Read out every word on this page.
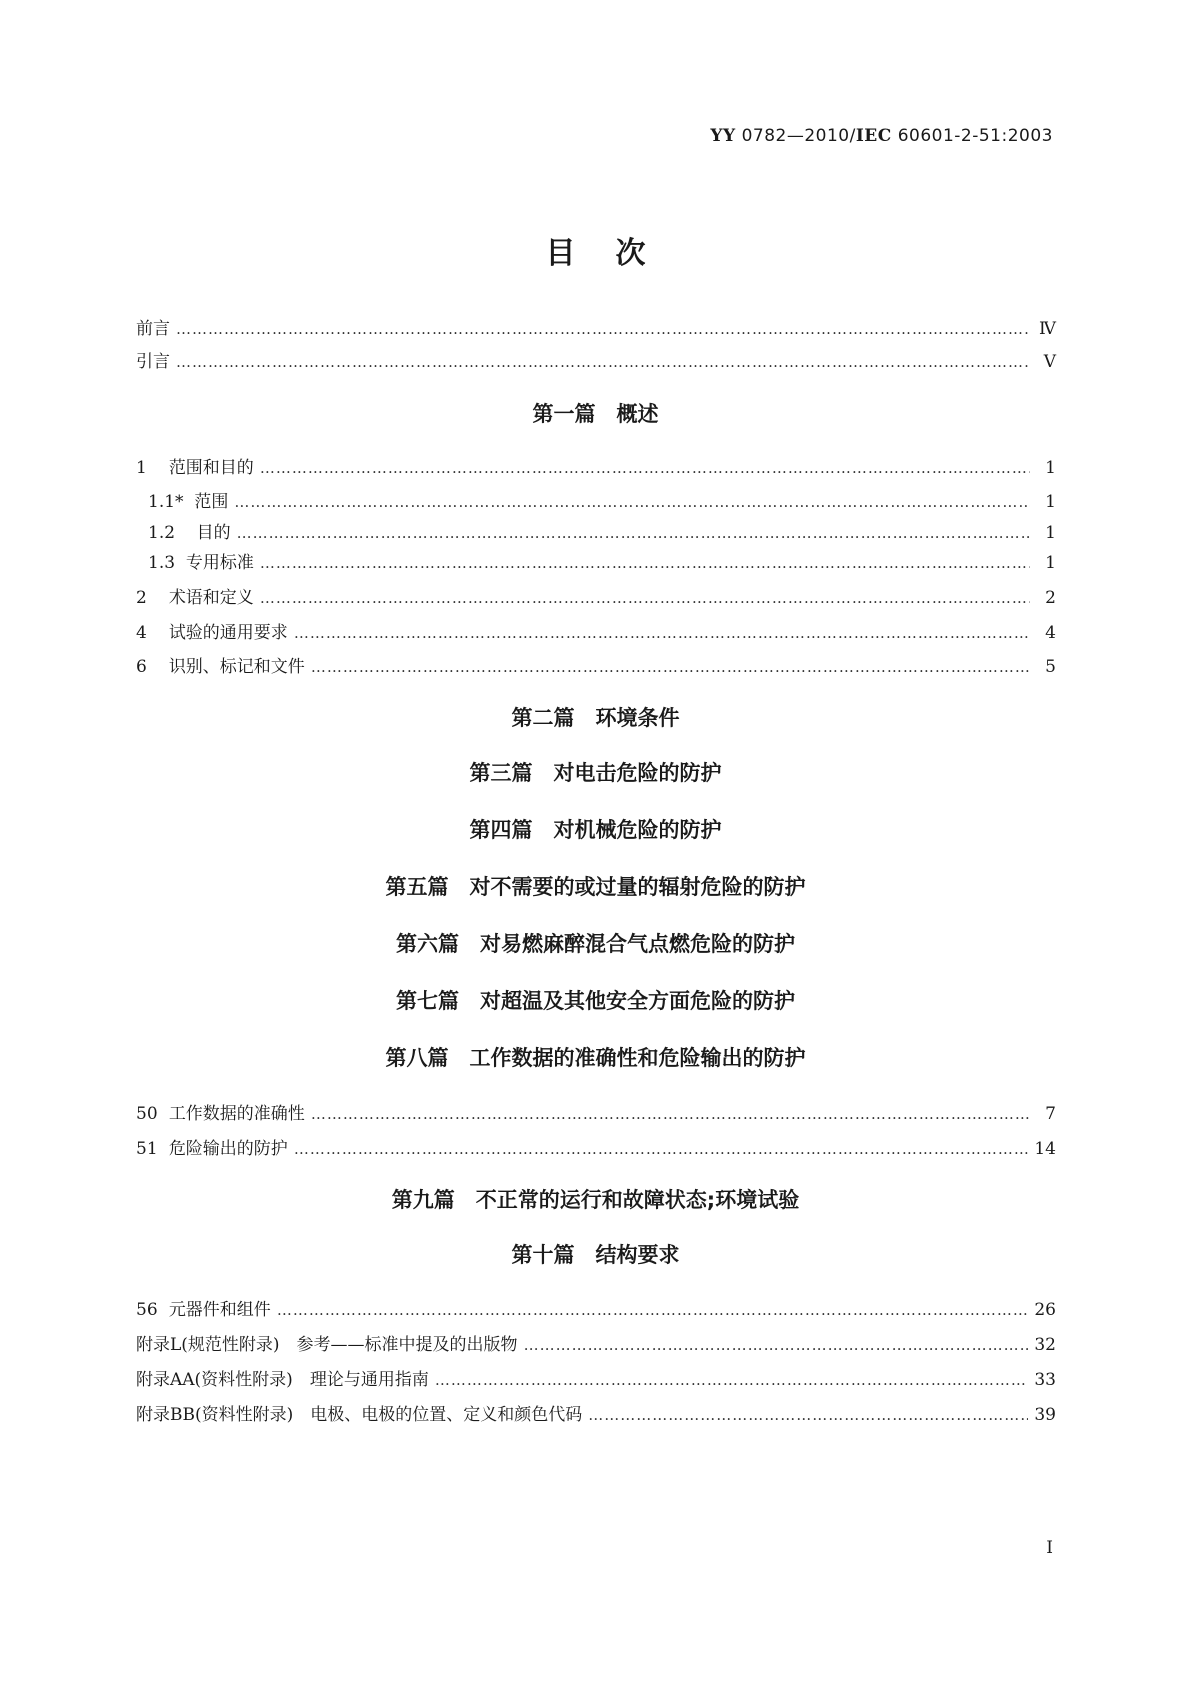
YY 0782—2010/IEC 60601-2-51:2003
目次
前言 ……………………………………………………………………………………………………………………………………………………………………………………………	Ⅳ
引言 ……………………………………………………………………………………………………………………………………………………………………………………………	Ⅴ
第一篇　概述
1 范围和目的 ……………………………………………………………………………………………………………………………………………………………………………………………	1
1.1* 范围 ……………………………………………………………………………………………………………………………………………………………………………………………	1
1.2 目的 ……………………………………………………………………………………………………………………………………………………………………………………………	1
1.3 专用标准 ……………………………………………………………………………………………………………………………………………………………………………………………	1
2 术语和定义 ……………………………………………………………………………………………………………………………………………………………………………………………	2
4 试验的通用要求 ……………………………………………………………………………………………………………………………………………………………………………………………	4
6 识别、标记和文件 ……………………………………………………………………………………………………………………………………………………………………………………………	5
第二篇　环境条件
第三篇　对电击危险的防护
第四篇　对机械危险的防护
第五篇　对不需要的或过量的辐射危险的防护
第六篇　对易燃麻醉混合气点燃危险的防护
第七篇　对超温及其他安全方面危险的防护
第八篇　工作数据的准确性和危险输出的防护
50 工作数据的准确性 ……………………………………………………………………………………………………………………………………………………………………………………………	7
51 危险输出的防护 ……………………………………………………………………………………………………………………………………………………………………………………………	14
第九篇　不正常的运行和故障状态;环境试验
第十篇　结构要求
56 元器件和组件 ……………………………………………………………………………………………………………………………………………………………………………………………	26
附录L(规范性附录)　参考——标准中提及的出版物 ……………………………………………………………………………………………………………………………………………………………………………………………	32
附录AA(资料性附录)　理论与通用指南 ……………………………………………………………………………………………………………………………………………………………………………………………	33
附录BB(资料性附录)　电极、电极的位置、定义和颜色代码 ……………………………………………………………………………………………………………………………………………………………………………………………	39
Ⅰ
